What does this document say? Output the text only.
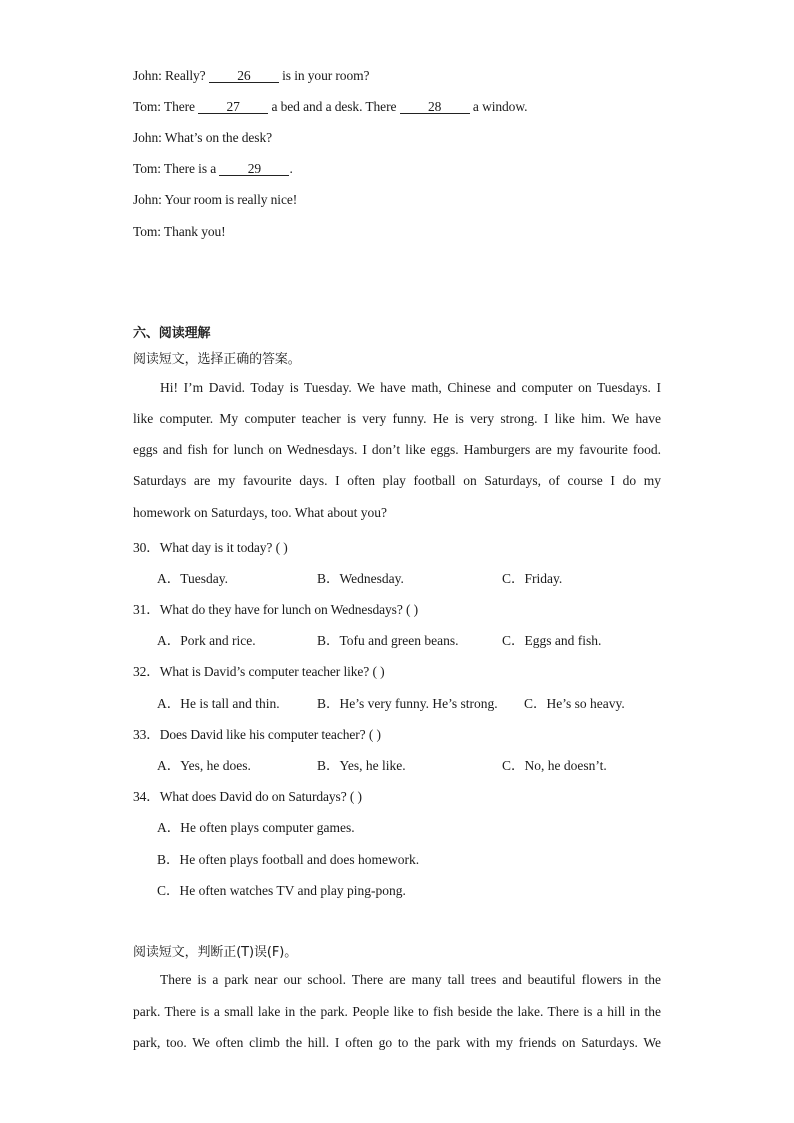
John: Really? 26 is in your room?
Tom: There 27 a bed and a desk. There 28 a window.
John: What’s on the desk?
Tom: There is a 29 .
John: Your room is really nice!
Tom: Thank you!
六、阅读理解
阅读短文，选择正确的答案。
Hi! I’m David. Today is Tuesday. We have math, Chinese and computer on Tuesdays. I
like computer. My computer teacher is very funny. He is very strong. I like him. We have
eggs and fish for lunch on Wednesdays. I don’t like eggs. Hamburgers are my favourite food.
Saturdays are my favourite days. I often play football on Saturdays, of course I do my
homework on Saturdays, too. What about you?
30．What day is it today? ( )
A．Tuesday.	B．Wednesday.	C．Friday.
31．What do they have for lunch on Wednesdays? ( )
A．Pork and rice.	B．Tofu and green beans.	C．Eggs and fish.
32．What is David’s computer teacher like? ( )
A．He is tall and thin.	B．He’s very funny. He’s strong. C．He’s so heavy.
33．Does David like his computer teacher? ( )
A．Yes, he does.	B．Yes, he like.	C．No, he doesn’t.
34．What does David do on Saturdays? ( )
A．He often plays computer games.
B．He often plays football and does homework.
C．He often watches TV and play ping-pong.
阅读短文，判断正(T)误(F)。
There is a park near our school. There are many tall trees and beautiful flowers in the
park. There is a small lake in the park. People like to fish beside the lake. There is a hill in the
park, too. We often climb the hill. I often go to the park with my friends on Saturdays. We
